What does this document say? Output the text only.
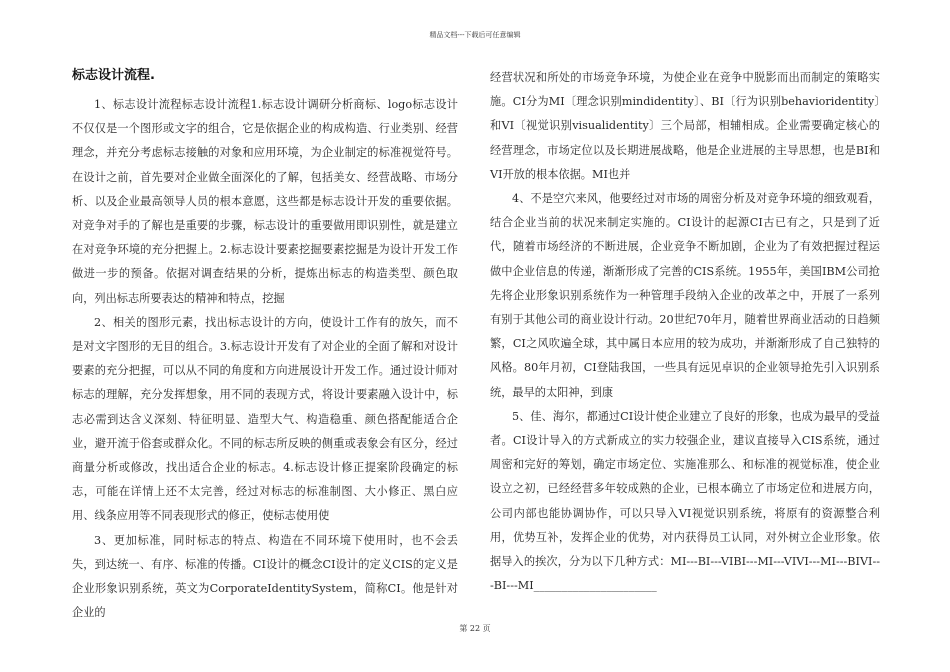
精品文档---下载后可任意编辑
标志设计流程.

1、标志设计流程标志设计流程1.标志设计调研分析商标、logo标志设计不仅仅是一个图形或文字的组合，它是依据企业的构成构造、行业类别、经营理念，并充分考虑标志接触的对象和应用环境，为企业制定的标准视觉符号。在设计之前，首先要对企业做全面深化的了解，包括美女、经营战略、市场分析、以及企业最高领导人员的根本意愿，这些都是标志设计开发的重要依据。对竞争对手的了解也是重要的步骤，标志设计的重要做用即识别性，就是建立在对竞争环境的充分把握上。2.标志设计要素挖掘要素挖掘是为设计开发工作做进一步的预备。依据对调查结果的分析，提炼出标志的构造类型、颜色取向，列出标志所要表达的精神和特点，挖掘

2、相关的图形元素，找出标志设计的方向，使设计工作有的放矢，而不是对文字图形的无目的组合。3.标志设计开发有了对企业的全面了解和对设计要素的充分把握，可以从不同的角度和方向进展设计开发工作。通过设计师对标志的理解，充分发挥想象，用不同的表现方式，将设计要素融入设计中，标志必需到达含义深刻、特征明显、造型大气、构造稳重、颜色搭配能适合企业，避开流于俗套或群众化。不同的标志所反映的侧重或表象会有区分，经过商量分析或修改，找出适合企业的标志。4.标志设计修正提案阶段确定的标志，可能在详情上还不太完善，经过对标志的标准制图、大小修正、黑白应用、线条应用等不同表现形式的修正，使标志使用使

3、更加标准，同时标志的特点、构造在不同环境下使用时，也不会丢失，到达统一、有序、标准的传播。CI设计的概念CI设计的定义CIS的定义是企业形象识别系统，英文为CorporateIdentitySystem，简称CI。他是针对企业的

经营状况和所处的市场竞争环境，为使企业在竞争中脱影而出而制定的策略实施。CI分为MI〔理念识别mindidentity〕、BI〔行为识别behavioridentity〕和VI〔视觉识别visualidentity〕三个局部，相辅相成。企业需要确定核心的经营理念，市场定位以及长期进展战略，他是企业进展的主导思想，也是BI和VI开放的根本依据。MI也并

4、不是空穴来风，他要经过对市场的周密分析及对竞争环境的细致观看，结合企业当前的状况来制定实施的。CI设计的起源CI古已有之，只是到了近代，随着市场经济的不断进展，企业竞争不断加剧，企业为了有效把握过程运做中企业信息的传递，渐渐形成了完善的CIS系统。1955年，美国IBM公司抢先将企业形象识别系统作为一种管理手段纳入企业的改革之中，开展了一系列有别于其他公司的商业设计行动。20世纪70年月，随着世界商业活动的日趋频繁，CI之风吹遍全球，其中属日本应用的较为成功，并渐渐形成了自己独特的风格。80年月初，CI登陆我国，一些具有远见卓识的企业领导抢先引入识别系统，最早的太阳神，到康

5、佳、海尔，都通过CI设计使企业建立了良好的形象，也成为最早的受益者。CI设计导入的方式新成立的实力较强企业，建议直接导入CIS系统，通过周密和完好的筹划，确定市场定位、实施准那么、和标准的视觉标准，使企业设立之初，已经经营多年较成熟的企业，已根本确立了市场定位和进展方向，公司内部也能协调协作，可以只导入VI视觉识别系统，将原有的资源整合利用，优势互补，发挥企业的优势，对内获得员工认同，对外树立企业形象。依据导入的挨次，分为以下几种方式：MI---BI---VIBI---MI---VIVI---MI---BIVI---BI---MI______________________

第 22 页
